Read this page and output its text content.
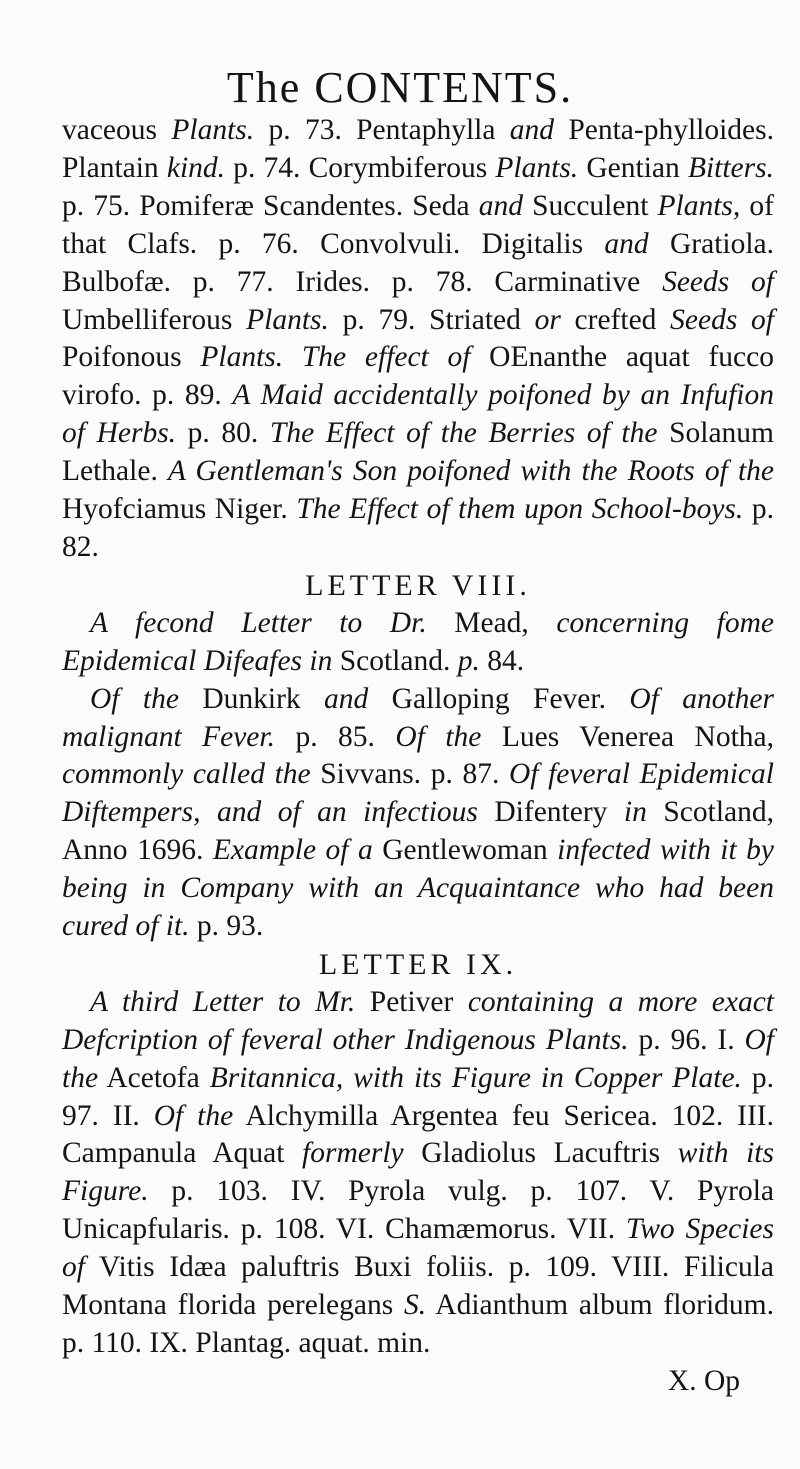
The CONTENTS.

vaceous Plants. p. 73. Pentaphylla and Penta-phylloides. Plantain kind. p. 74. Corymbiferous Plants. Gentian Bitters. p. 75. Pomiferæ Scandentes. Seda and Succulent Plants, of that Clafs. p. 76. Convolvuli. Digitalis and Gratiola. Bulbofæ. p. 77. Irides. p. 78. Carminative Seeds of Umbelliferous Plants. p. 79. Striated or crefted Seeds of Poifonous Plants. The effect of OEnanthe aquat fucco virofo. p. 89. A Maid accidentally poifoned by an Infufion of Herbs. p. 80. The Effect of the Berries of the Solanum Lethale. A Gentleman's Son poifoned with the Roots of the Hyofciamus Niger. The Effect of them upon School-boys. p. 82.

LETTER VIII.

A fecond Letter to Dr. Mead, concerning fome Epidemical Difeafes in Scotland. p. 84.

Of the Dunkirk and Galloping Fever. Of another malignant Fever. p. 85. Of the Lues Venerea Notha, commonly called the Sivvans. p. 87. Of feveral Epidemical Diftempers, and of an infectious Difentery in Scotland, Anno 1696. Example of a Gentlewoman infected with it by being in Company with an Acquaintance who had been cured of it. p. 93.

LETTER IX.

A third Letter to Mr. Petiver containing a more exact Defcription of feveral other Indigenous Plants. p. 96. I. Of the Acetofa Britannica, with its Figure in Copper Plate. p. 97. II. Of the Alchymilla Argentea feu Sericea. 102. III. Campanula Aquat formerly Gladiolus Lacuftris with its Figure. p. 103. IV. Pyrola vulg. p. 107. V. Pyrola Unicapfularis. p. 108. VI. Chamæmorus. VII. Two Species of Vitis Idæa paluftris Buxi foliis. p. 109. VIII. Filicula Montana florida perelegans S. Adianthum album floridum. p. 110. IX. Plantag. aquat. min.

X. Op
